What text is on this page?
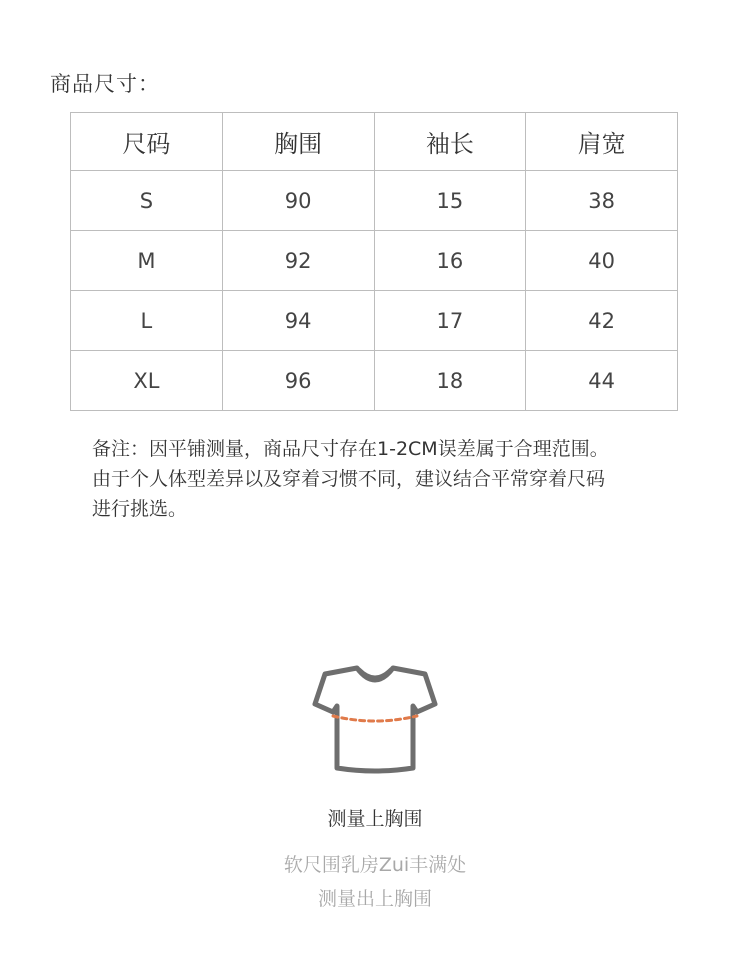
商品尺寸：
尺码	胸围	袖长	肩宽
S	90	15	38
M	92	16	40
L	94	17	42
XL	96	18	44
备注：因平铺测量，商品尺寸存在1-2CM误差属于合理范围。
由于个人体型差异以及穿着习惯不同，建议结合平常穿着尺码
进行挑选。
测量上胸围
软尺围乳房Zui丰满处
测量出上胸围
